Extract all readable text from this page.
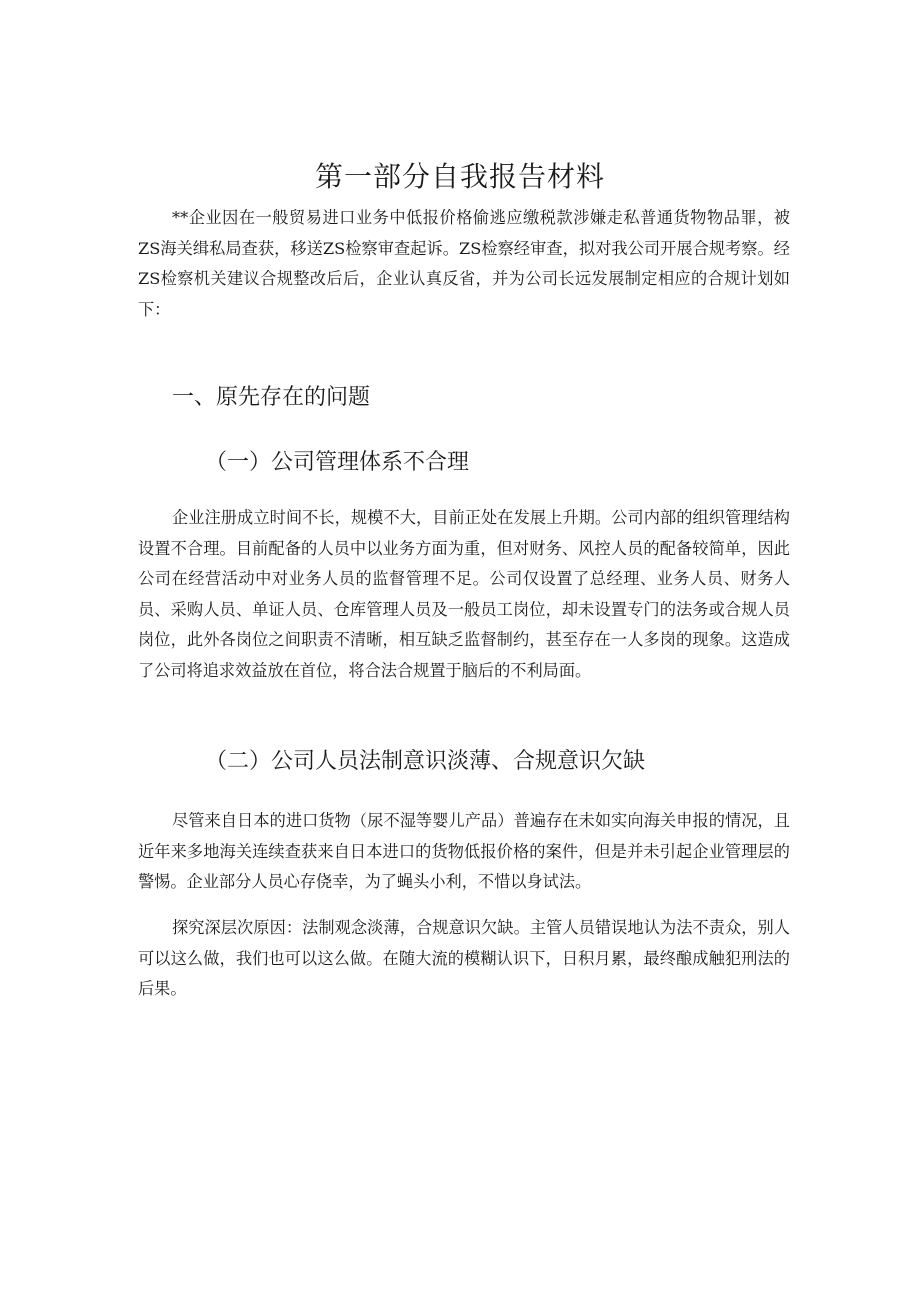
第一部分自我报告材料

**企业因在一般贸易进口业务中低报价格偷逃应缴税款涉嫌走私普通货物物品罪，被ZS海关缉私局查获，移送ZS检察审查起诉。ZS检察经审查，拟对我公司开展合规考察。经ZS检察机关建议合规整改后后，企业认真反省，并为公司长远发展制定相应的合规计划如下：

一、原先存在的问题
（一）公司管理体系不合理

企业注册成立时间不长，规模不大，目前正处在发展上升期。公司内部的组织管理结构设置不合理。目前配备的人员中以业务方面为重，但对财务、风控人员的配备较简单，因此公司在经营活动中对业务人员的监督管理不足。公司仅设置了总经理、业务人员、财务人员、采购人员、单证人员、仓库管理人员及一般员工岗位，却未设置专门的法务或合规人员岗位，此外各岗位之间职责不清晰，相互缺乏监督制约，甚至存在一人多岗的现象。这造成了公司将追求效益放在首位，将合法合规置于脑后的不利局面。

（二）公司人员法制意识淡薄、合规意识欠缺

尽管来自日本的进口货物（尿不湿等婴儿产品）普遍存在未如实向海关申报的情况，且近年来多地海关连续查获来自日本进口的货物低报价格的案件，但是并未引起企业管理层的警惕。企业部分人员心存侥幸，为了蝇头小利，不惜以身试法。

探究深层次原因：法制观念淡薄，合规意识欠缺。主管人员错误地认为法不责众，别人可以这么做，我们也可以这么做。在随大流的模糊认识下，日积月累，最终酿成触犯刑法的后果。
